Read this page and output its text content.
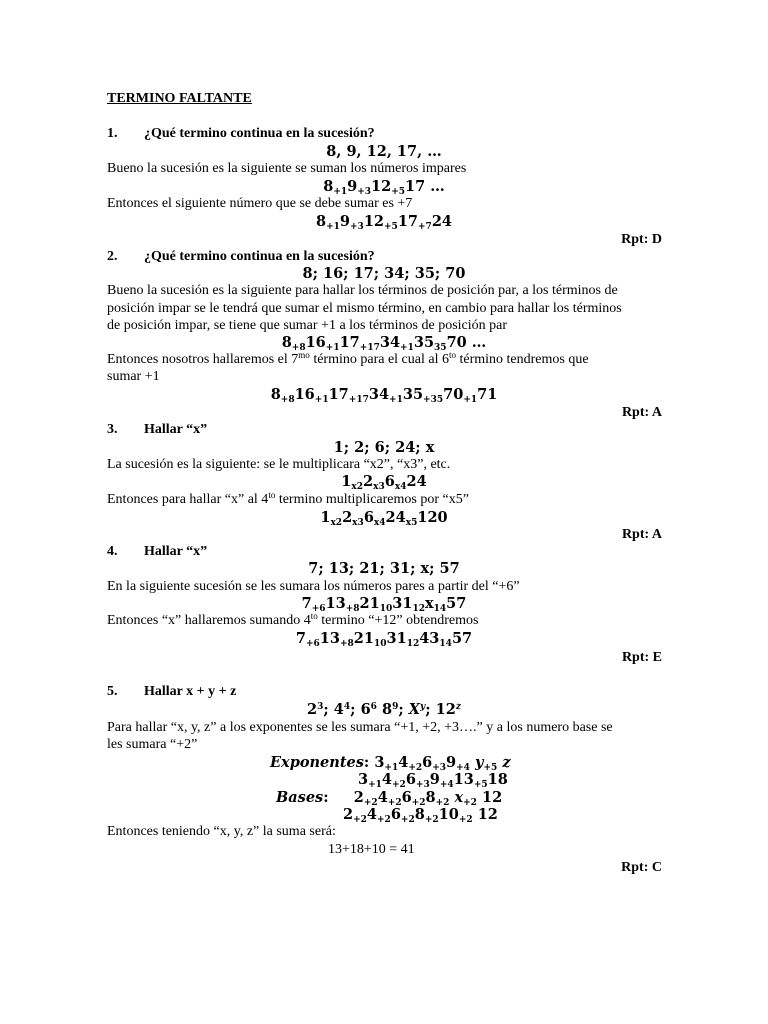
TERMINO FALTANTE
1. ¿Qué termino continua en la sucesión?
8, 9, 12, 17, …
Bueno la sucesión es la siguiente se suman los números impares
$8_{+1}9_{+3}12_{+5}17$ …
Entonces el siguiente número que se debe sumar es +7
$8_{+1}9_{+3}12_{+5}17_{+7}24$
Rpt: D
2. ¿Qué termino continua en la sucesión?
8; 16; 17; 34; 35; 70
Bueno la sucesión es la siguiente para hallar los términos de posición par, a los términos de
posición impar se le tendrá que sumar el mismo término, en cambio para hallar los términos
de posición impar, se tiene que sumar +1 a los términos de posición par
$8_{+8}16_{+1}17_{+17}34_{+1}35_{35}70$ …
Entonces nosotros hallaremos el $7^{mo}$ término para el cual al $6^{to}$ término tendremos que
sumar +1
$8_{+8}16_{+1}17_{+17}34_{+1}35_{+35}70_{+1}71$
Rpt: A
3. Hallar “x”
1; 2; 6; 24; x
La sucesión es la siguiente: se le multiplicara “x2”, “x3”, etc.
$1_{x2}2_{x3}6_{x4}24$
Entonces para hallar “x” al $4^{to}$ termino multiplicaremos por “x5”
$1_{x2}2_{x3}6_{x4}24_{x5}120$
Rpt: A
4. Hallar “x”
7; 13; 21; 31; x; 57
En la siguiente sucesión se les sumara los números pares a partir del “+6”
$7_{+6}13_{+8}21_{10}31_{12}x_{14}57$
Entonces “x” hallaremos sumando $4^{to}$ termino “+12” obtendremos
$7_{+6}13_{+8}21_{10}31_{12}43_{14}57$
Rpt: E
5. Hallar x + y + z
$2^3$; $4^4$; $6^6$ $8^9$; $X^y$; 12$^z$
Para hallar “x, y, z” a los exponentes se les sumara “+1, +2, +3….” y a los numero base se
les sumara “+2”
Exponentes: $3_{+1}4_{+2}6_{+3}9_{+4}$ $y_{+5}$ z
$3_{+1}4_{+2}6_{+3}9_{+4}13_{+5}18$
Bases:     $2_{+2}4_{+2}6_{+2}8_{+2}$ $x_{+2}$ 12
$2_{+2}4_{+2}6_{+2}8_{+2}10_{+2}$ 12
Entonces teniendo “x, y, z” la suma será:
13+18+10 = 41
Rpt: C
